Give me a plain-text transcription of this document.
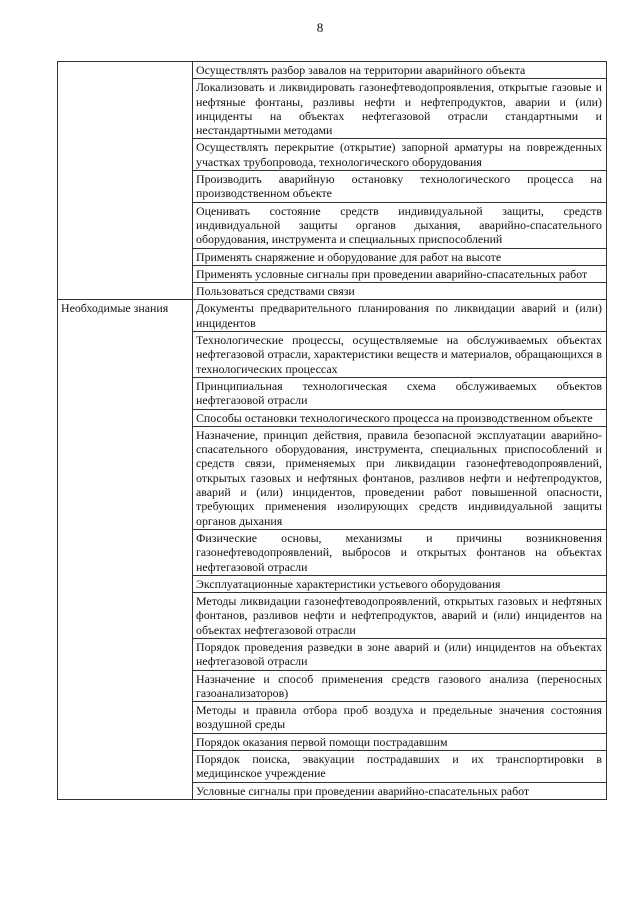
8

	Осуществлять разбор завалов на территории аварийного объекта

	Локализовать и ликвидировать газонефтеводопроявления, открытые газовые и нефтяные фонтаны, разливы нефти и нефтепродуктов, аварии и (или) инциденты на объектах нефтегазовой отрасли стандартными и нестандартными методами

	Осуществлять перекрытие (открытие) запорной арматуры на поврежденных участках трубопровода, технологического оборудования

	Производить аварийную остановку технологического процесса на производственном объекте

	Оценивать состояние средств индивидуальной защиты, средств индивидуальной защиты органов дыхания, аварийно-спасательного оборудования, инструмента и специальных приспособлений

	Применять снаряжение и оборудование для работ на высоте

	Применять условные сигналы при проведении аварийно-спасательных работ

	Пользоваться средствами связи

Необходимые знания	Документы предварительного планирования по ликвидации аварий и (или) инцидентов

	Технологические процессы, осуществляемые на обслуживаемых объектах нефтегазовой отрасли, характеристики веществ и материалов, обращающихся в технологических процессах

	Принципиальная технологическая схема обслуживаемых объектов нефтегазовой отрасли

	Способы остановки технологического процесса на производственном объекте

	Назначение, принцип действия, правила безопасной эксплуатации аварийно-спасательного оборудования, инструмента, специальных приспособлений и средств связи, применяемых при ликвидации газонефтеводопроявлений, открытых газовых и нефтяных фонтанов, разливов нефти и нефтепродуктов, аварий и (или) инцидентов, проведении работ повышенной опасности, требующих применения изолирующих средств индивидуальной защиты органов дыхания

	Физические основы, механизмы и причины возникновения газонефтеводопроявлений, выбросов и открытых фонтанов на объектах нефтегазовой отрасли

	Эксплуатационные характеристики устьевого оборудования

	Методы ликвидации газонефтеводопроявлений, открытых газовых и нефтяных фонтанов, разливов нефти и нефтепродуктов, аварий и (или) инцидентов на объектах нефтегазовой отрасли

	Порядок проведения разведки в зоне аварий и (или) инцидентов на объектах нефтегазовой отрасли

	Назначение и способ применения средств газового анализа (переносных газоанализаторов)

	Методы и правила отбора проб воздуха и предельные значения состояния воздушной среды

	Порядок оказания первой помощи пострадавшим

	Порядок поиска, эвакуации пострадавших и их транспортировки в медицинское учреждение

	Условные сигналы при проведении аварийно-спасательных работ
